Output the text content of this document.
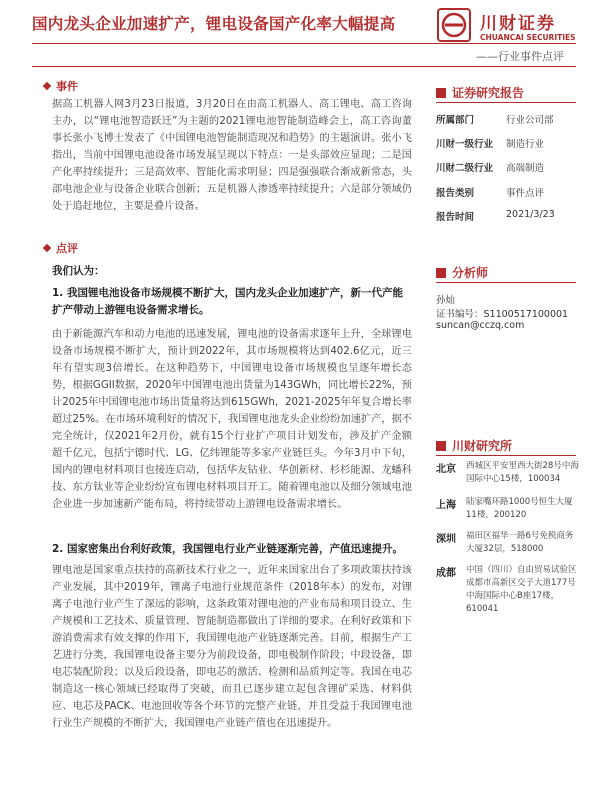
国内龙头企业加速扩产，锂电设备国产化率大幅提高	川财证券
CHUANCAI SECURITIES
——行业事件点评
事件
据高工机器人网3月23日报道，3月20日在由高工机器人、高工锂电、高工咨询主办，以“锂电池智造跃迁”为主题的2021锂电池智能制造峰会上，高工咨询董事长张小飞博士发表了《中国锂电池智能制造现况和趋势》的主题演讲。张小飞指出，当前中国锂电池设备市场发展呈现以下特点：一是头部效应显现；二是国产化率持续提升；三是高效率、智能化需求明显；四是强强联合渐成新常态，头部电池企业与设备企业联合创新；五是机器人渗透率持续提升；六是部分领域仍处于追赶地位，主要是叠片设备。
点评
我们认为：
1. 我国锂电池设备市场规模不断扩大，国内龙头企业加速扩产，新一代产能扩产带动上游锂电设备需求增长。
由于新能源汽车和动力电池的迅速发展，锂电池的设备需求逐年上升，全球锂电设备市场规模不断扩大，预计到2022年，其市场规模将达到402.6亿元，近三年有望实现3倍增长。在这种趋势下，中国锂电设备市场规模也呈逐年增长态势，根据GGII数据，2020年中国锂电池出货量为143GWh，同比增长22%，预计2025年中国锂电池市场出货量将达到615GWh，2021-2025年年复合增长率超过25%。在市场环境利好的情况下，我国锂电池龙头企业纷纷加速扩产，据不完全统计，仅2021年2月份，就有15个行业扩产项目计划发布，涉及扩产金额超千亿元，包括宁德时代、LG、亿纬锂能等多家产业链巨头。今年3月中下旬，国内的锂电材料项目也接连启动，包括华友钴业、华创新材、杉杉能源、龙蟠科技、东方钛业等企业纷纷宣布锂电材料项目开工。随着锂电池以及细分领域电池企业进一步加速新产能布局，将持续带动上游锂电设备需求增长。
2. 国家密集出台利好政策，我国锂电行业产业链逐渐完善，产值迅速提升。
锂电池是国家重点扶持的高新技术行业之一，近年来国家出台了多项政策扶持该产业发展，其中2019年，锂离子电池行业规范条件（2018年本）的发布，对锂离子电池行业产生了深远的影响，这条政策对锂电池的产业布局和项目设立、生产规模和工艺技术、质量管理、智能制造都做出了详细的要求。在利好政策和下游消费需求有效支撑的作用下，我国锂电池产业链逐渐完善。目前，根据生产工艺进行分类，我国锂电设备主要分为前段设备，即电极制作阶段；中段设备，即电芯装配阶段；以及后段设备，即电芯的激活、检测和品质判定等。我国在电芯制造这一核心领域已经取得了突破，而且已逐步建立起包含锂矿采选、材料供应、电芯及PACK、电池回收等各个环节的完整产业链，并且受益于我国锂电池行业生产规模的不断扩大，我国锂电产业链产值也在迅速提升。
证券研究报告
所属部门	行业公司部
川财一级行业	制造行业
川财二级行业	高端制造
报告类别	事件点评
报告时间	2021/3/23
分析师
孙灿
证书编号：S1100517100001
suncan@cczq.com
川财研究所
北京 西城区平安里西大街28号中海国际中心15楼，100034
上海 陆家嘴环路1000号恒生大厦11楼，200120
深圳 福田区福华一路6号免税商务大厦32层，518000
成都 中国（四川）自由贸易试验区成都市高新区交子大道177号中海国际中心B座17楼，610041
